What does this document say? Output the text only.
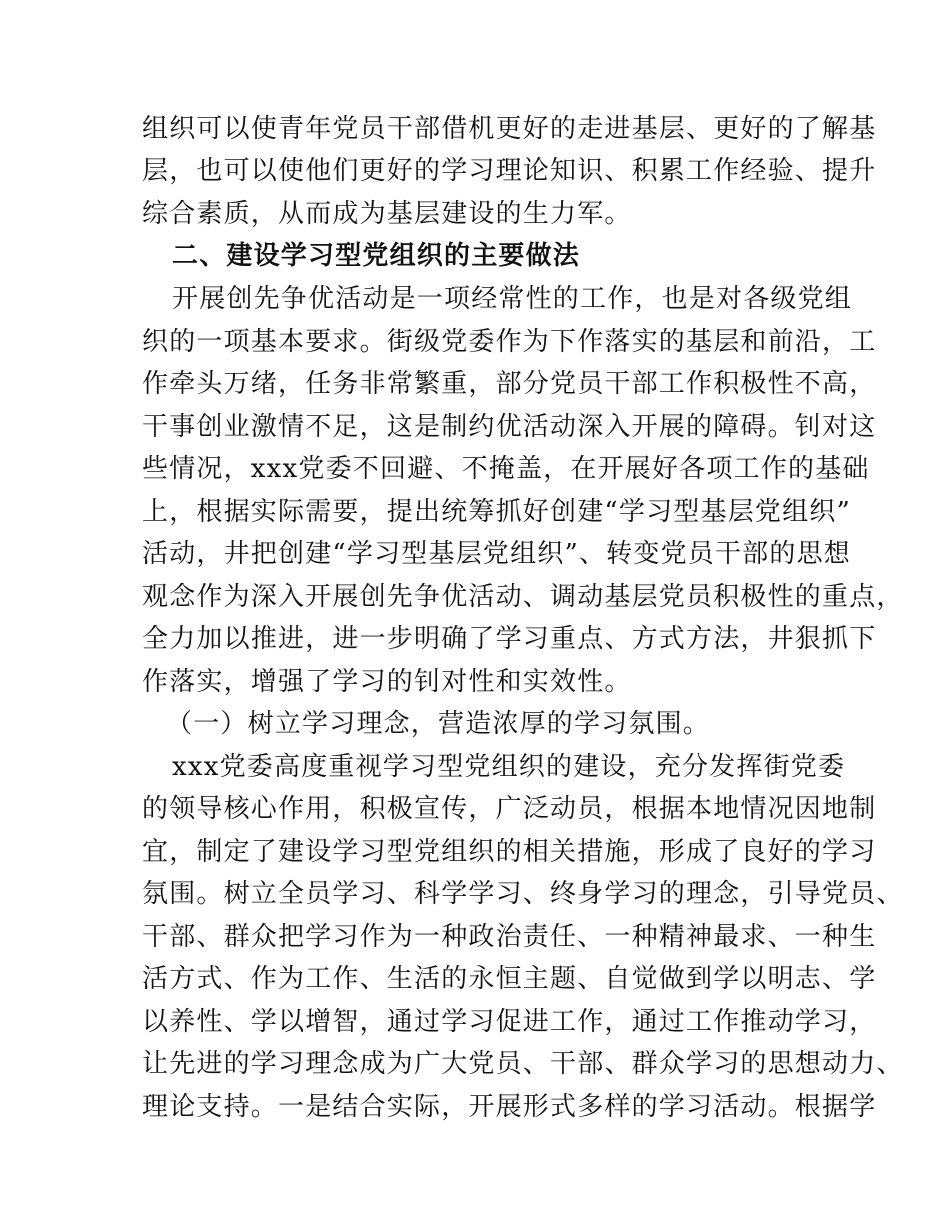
组织可以使青年党员干部借机更好的走进基层、更好的了解基
层，也可以使他们更好的学习理论知识、积累工作经验、提升
综合素质，从而成为基层建设的生力军。
二、建设学习型党组织的主要做法
开展创先争优活动是一项经常性的工作，也是对各级党组
织的一项基本要求。街级党委作为下作落实的基层和前沿，工
作牵头万绪，任务非常繁重，部分党员干部工作积极性不高，
干事创业激情不足，这是制约优活动深入开展的障碍。钊对这
些情况，xxx党委不回避、不掩盖，在开展好各项工作的基础
上，根据实际需要，提出统筹抓好创建“学习型基层党组织”
活动，井把创建“学习型基层党组织”、转变党员干部的思想
观念作为深入开展创先争优活动、调动基层党员积极性的重点，
全力加以推进，进一步明确了学习重点、方式方法，井狠抓下
作落实，增强了学习的钊对性和实效性。
（一）树立学习理念，营造浓厚的学习氛围。
xxx党委高度重视学习型党组织的建设，充分发挥街党委
的领导核心作用，积极宣传，广泛动员，根据本地情况因地制
宜，制定了建设学习型党组织的相关措施，形成了良好的学习
氛围。树立全员学习、科学学习、终身学习的理念，引导党员、
干部、群众把学习作为一种政治责任、一种精神最求、一种生
活方式、作为工作、生活的永恒主题、自觉做到学以明志、学
以养性、学以增智，通过学习促进工作，通过工作推动学习，
让先进的学习理念成为广大党员、干部、群众学习的思想动力、
理论支持。一是结合实际，开展形式多样的学习活动。根据学
